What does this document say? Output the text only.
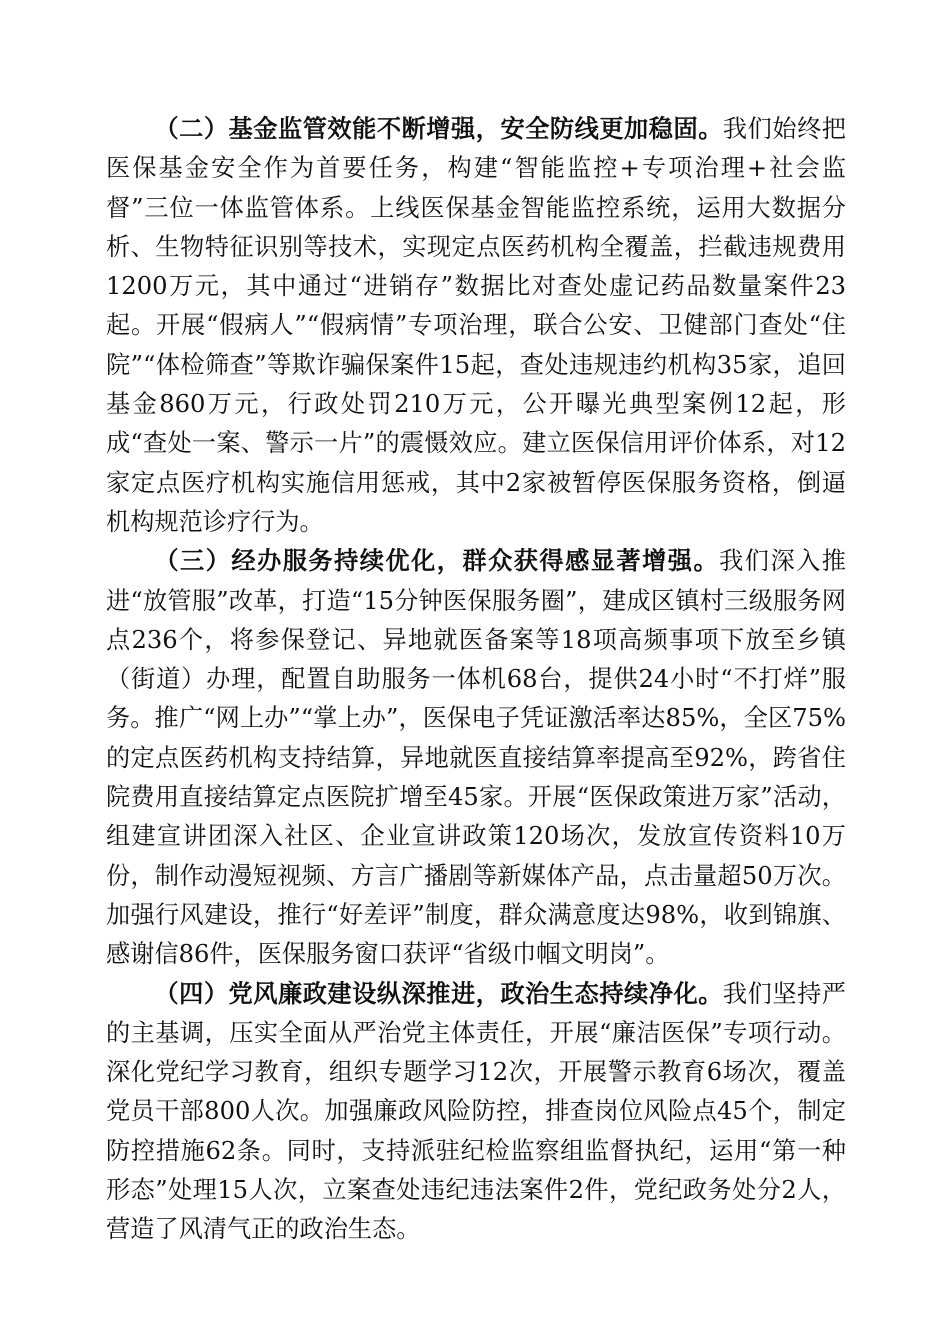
（二）基金监管效能不断增强，安全防线更加稳固。我们始终把医保基金安全作为首要任务，构建“智能监控+专项治理+社会监督”三位一体监管体系。上线医保基金智能监控系统，运用大数据分析、生物特征识别等技术，实现定点医药机构全覆盖，拦截违规费用1200万元，其中通过“进销存”数据比对查处虚记药品数量案件23起。开展“假病人”“假病情”专项治理，联合公安、卫健部门查处“住院”“体检筛查”等欺诈骗保案件15起，查处违规违约机构35家，追回基金860万元，行政处罚210万元，公开曝光典型案例12起，形成“查处一案、警示一片”的震慑效应。建立医保信用评价体系，对12家定点医疗机构实施信用惩戒，其中2家被暂停医保服务资格，倒逼机构规范诊疗行为。

（三）经办服务持续优化，群众获得感显著增强。我们深入推进“放管服”改革，打造“15分钟医保服务圈”，建成区镇村三级服务网点236个，将参保登记、异地就医备案等18项高频事项下放至乡镇（街道）办理，配置自助服务一体机68台，提供24小时“不打烊”服务。推广“网上办”“掌上办”，医保电子凭证激活率达85%，全区75%的定点医药机构支持结算，异地就医直接结算率提高至92%，跨省住院费用直接结算定点医院扩增至45家。开展“医保政策进万家”活动，组建宣讲团深入社区、企业宣讲政策120场次，发放宣传资料10万份，制作动漫短视频、方言广播剧等新媒体产品，点击量超50万次。加强行风建设，推行“好差评”制度，群众满意度达98%，收到锦旗、感谢信86件，医保服务窗口获评“省级巾帼文明岗”。

（四）党风廉政建设纵深推进，政治生态持续净化。我们坚持严的主基调，压实全面从严治党主体责任，开展“廉洁医保”专项行动。深化党纪学习教育，组织专题学习12次，开展警示教育6场次，覆盖党员干部800人次。加强廉政风险防控，排查岗位风险点45个，制定防控措施62条。同时，支持派驻纪检监察组监督执纪，运用“第一种形态”处理15人次，立案查处违纪违法案件2件，党纪政务处分2人，营造了风清气正的政治生态。
